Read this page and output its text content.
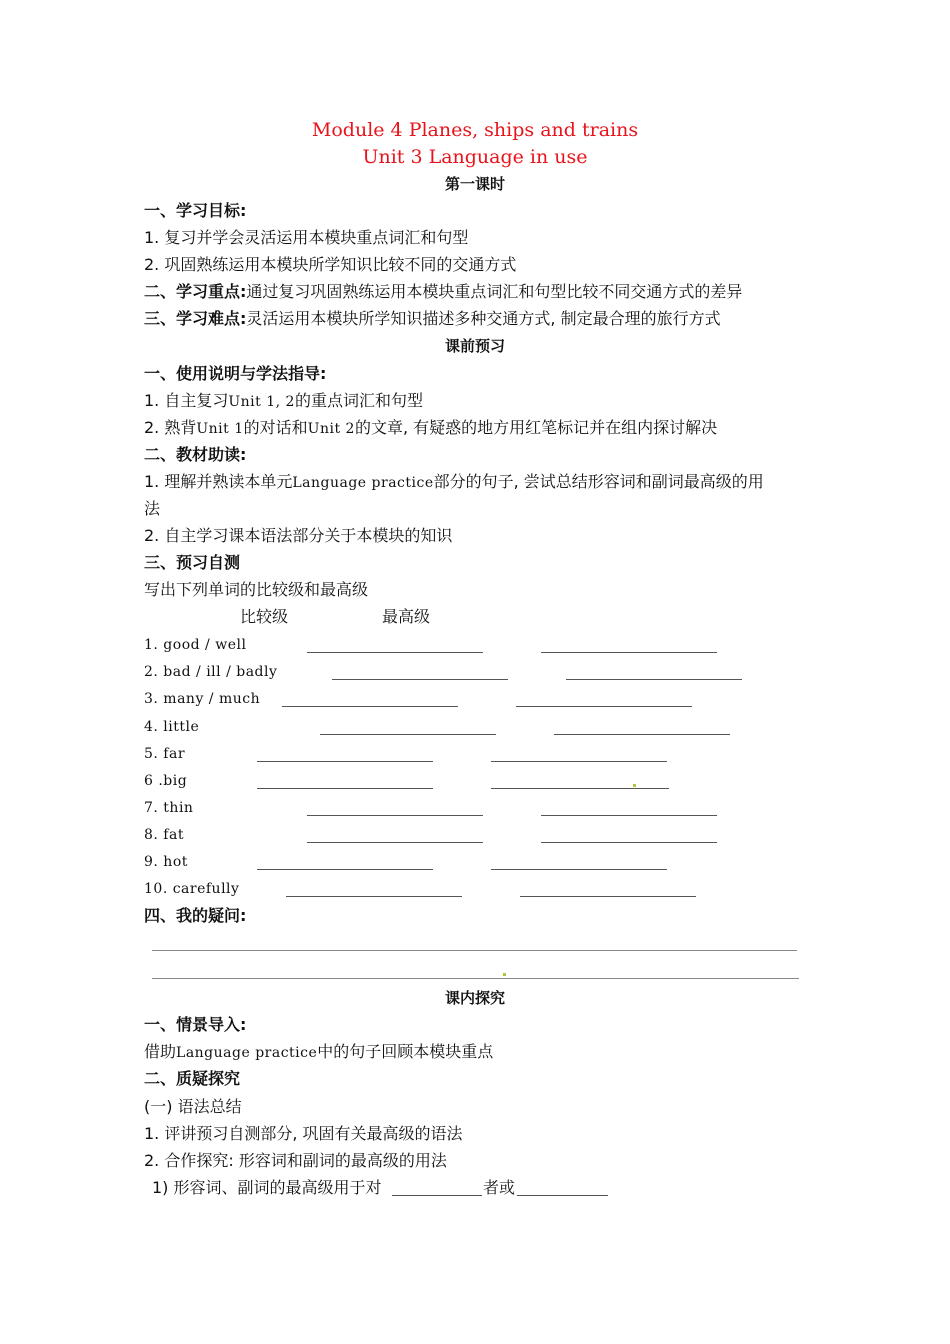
Module 4 Planes, ships and trains
Unit 3 Language in use
第一课时
一、学习目标:
1. 复习并学会灵活运用本模块重点词汇和句型
2. 巩固熟练运用本模块所学知识比较不同的交通方式
二、学习重点:通过复习巩固熟练运用本模块重点词汇和句型比较不同交通方式的差异
三、学习难点:灵活运用本模块所学知识描述多种交通方式, 制定最合理的旅行方式
课前预习
一、使用说明与学法指导:
1. 自主复习Unit 1, 2的重点词汇和句型
2. 熟背Unit 1的对话和Unit 2的文章, 有疑惑的地方用红笔标记并在组内探讨解决
二、教材助读:
1. 理解并熟读本单元Language practice部分的句子, 尝试总结形容词和副词最高级的用
法
2. 自主学习课本语法部分关于本模块的知识
三、预习自测
写出下列单词的比较级和最高级
比较级	最高级
1. good / well
2. bad / ill / badly
3. many / much
4. little
5. far
6 .big
7. thin
8. fat
9. hot
10. carefully
四、我的疑问:
课内探究
一、情景导入:
借助Language practice中的句子回顾本模块重点
二、质疑探究
(一) 语法总结
1. 评讲预习自测部分, 巩固有关最高级的语法
2. 合作探究: 形容词和副词的最高级的用法
1) 形容词、副词的最高级用于对	者或
